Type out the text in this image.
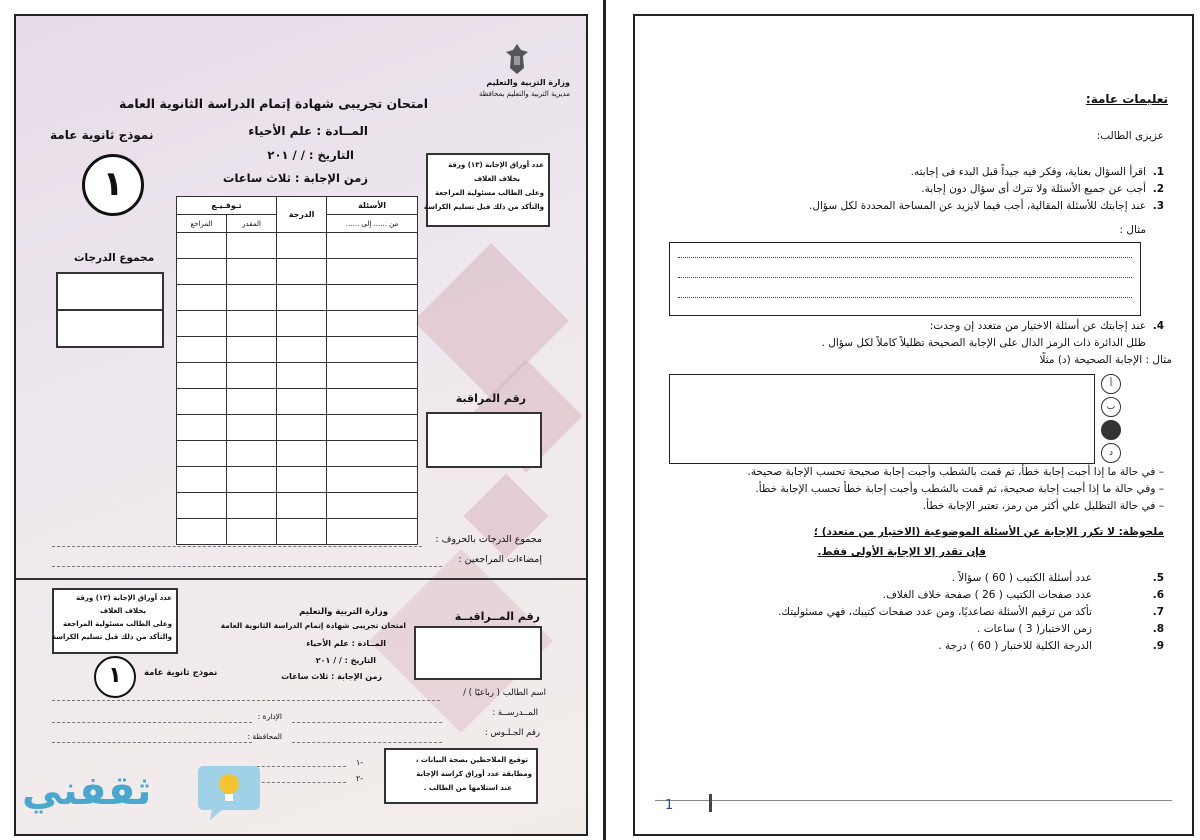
وزارة التربية والتعليم
مديرية التربية والتعليم بمحافظة
امتحان تجريبى شهادة إتمام الدراسة الثانوية العامة
المــادة : علم الأحياء
التاريخ : / / ٢٠١
زمن الإجابة : ثلاث ساعات
نموذج ثانوية عامة
١	عدد أوراق الإجابة (١٣) ورقة
بخلاف الغلاف
وعلى الطالب مسئولية المراجعة
والتأكد من ذلك قبل تسليم الكراسة
تـوقـيـع		الدرجة	الأسئلة
المراجع	المقدر		من ...... إلى ......

مجموع الدرجات
رقم المراقبة
مجموع الدرجات بالحروف :
إمضاءات المراجعين :
عدد أوراق الإجابة (١٣) ورقة
بخلاف الغلاف
وعلى الطالب مسئولية المراجعة
والتأكد من ذلك قبل تسليم الكراسة
وزارة التربية والتعليم
امتحان تجريبى شهادة إتمام الدراسة الثانوية العامة
المــادة : علم الأحياء
التاريخ : / / ٢٠١
زمن الإجابة : ثلاث ساعات
١	نموذج ثانوية عامة
رقم المــراقبــة
اسم الطالب ( رباعيًا ) /
المــدرســة :
الإدارة :
رقم الجـلـوس :
المحافظة :
-١
-٢
توقيع الملاحظين بصحة البيانات ،
ومطابقة عدد أوراق كراسة الإجابة
عند استلامها من الطالب .
ثقفني
تعليمات عامة:
عزيزى الطالب:
1.
اقرأ السؤال بعناية، وفكر فيه جيداً قبل البدء فى إجابته.
2.
أجب عن جميع الأسئلة ولا تترك أى سؤال دون إجابة.
3.
عند إجابتك للأسئلة المقالية، أجب فيما لايزيد عن المساحة المحددة لكل سؤال.
مثال :
4.
عند إجابتك عن أسئلة الاختيار من متعدد إن وجدت:
ظلل الدائرة ذات الرمز الدال على الإجابة الصحيحة تظليلاً كاملاً لكل سؤال .
مثال : الإجابة الصحيحة (د) مثلًا
أ
ب
ج
د
– في حالة ما إذا أجبت إجابة خطأ، ثم قمت بالشطب وأجبت إجابة صحيحة تحسب الإجابة صحيحة.
– وفي حالة ما إذا أجبت إجابة صحيحة، ثم قمت بالشطب وأجبت إجابة خطأ تحسب الإجابة خطأ.
– في حالة التظليل علي أكثر من رمز، تعتبر الإجابة خطأ.
ملحوظة: لا تكرر الإجابة عن الأسئلة الموضوعية (الاختيار من متعدد) ؛
فإن تقدر إلا الإجابة الأولى فقط.
5.
عدد أسئلة الكتيب ( 60 ) سؤالاً .
6.
عدد صفحات الكتيب ( 26 ) صفحة خلاف الغلاف.
7.
تأكد من ترقيم الأسئلة تصاعديًا، ومن عدد صفحات كتيبك، فهي مسئوليتك.
8.
زمن الاختبار( 3 ) ساعات .
9.
الدرجة الكلية للاختبار ( 60 ) درجة .
1
